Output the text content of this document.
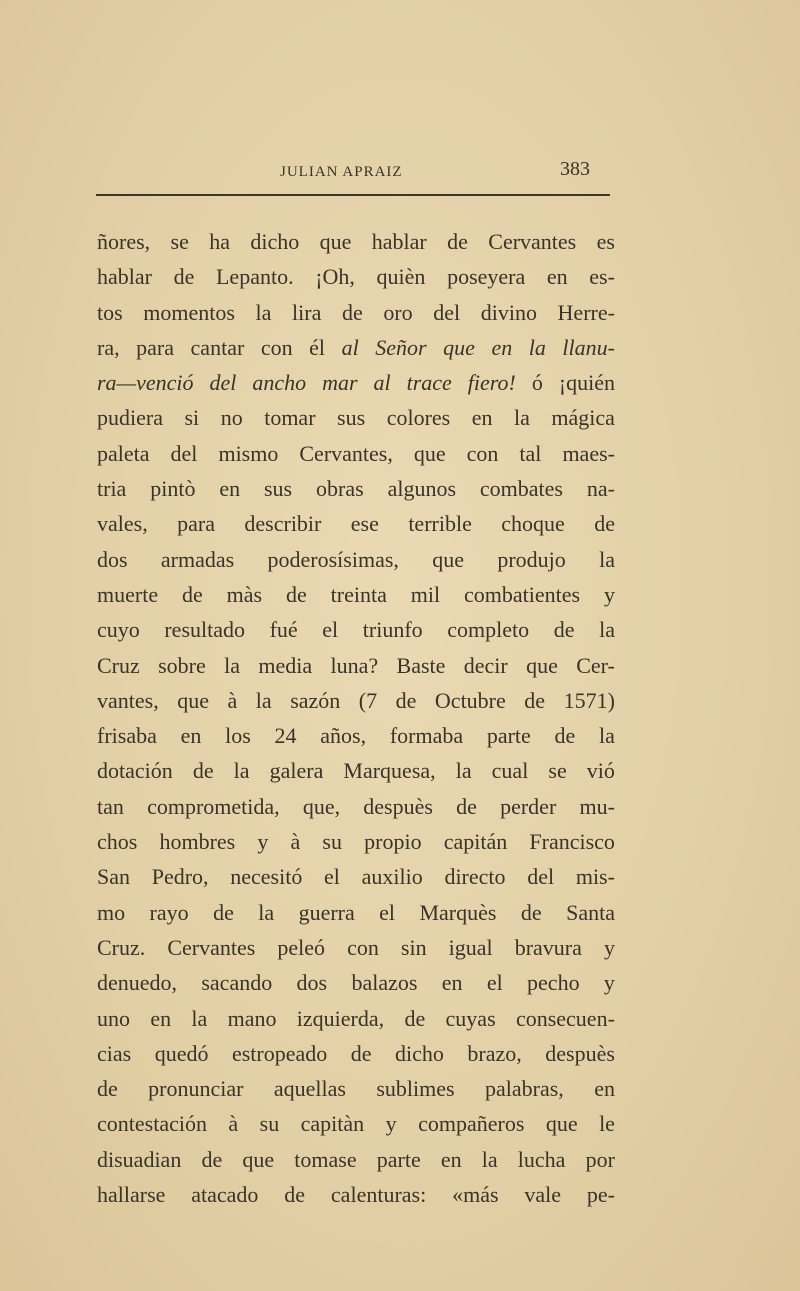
JULIAN APRAIZ	383
ñores, se ha dicho que hablar de Cervantes es
hablar de Lepanto. ¡Oh, quièn poseyera en es-
tos momentos la lira de oro del divino Herre-
ra, para cantar con él al Señor que en la llanu-
ra—venció del ancho mar al trace fiero! ó ¡quién
pudiera si no tomar sus colores en la mágica
paleta del mismo Cervantes, que con tal maes-
tria pintò en sus obras algunos combates na-
vales, para describir ese terrible choque de
dos armadas poderosísimas, que produjo la
muerte de màs de treinta mil combatientes y
cuyo resultado fué el triunfo completo de la
Cruz sobre la media luna? Baste decir que Cer-
vantes, que à la sazón (7 de Octubre de 1571)
frisaba en los 24 años, formaba parte de la
dotación de la galera Marquesa, la cual se vió
tan comprometida, que, despuès de perder mu-
chos hombres y à su propio capitán Francisco
San Pedro, necesitó el auxilio directo del mis-
mo rayo de la guerra el Marquès de Santa
Cruz. Cervantes peleó con sin igual bravura y
denuedo, sacando dos balazos en el pecho y
uno en la mano izquierda, de cuyas consecuen-
cias quedó estropeado de dicho brazo, despuès
de pronunciar aquellas sublimes palabras, en
contestación à su capitàn y compañeros que le
disuadian de que tomase parte en la lucha por
hallarse atacado de calenturas: «más vale pe-
